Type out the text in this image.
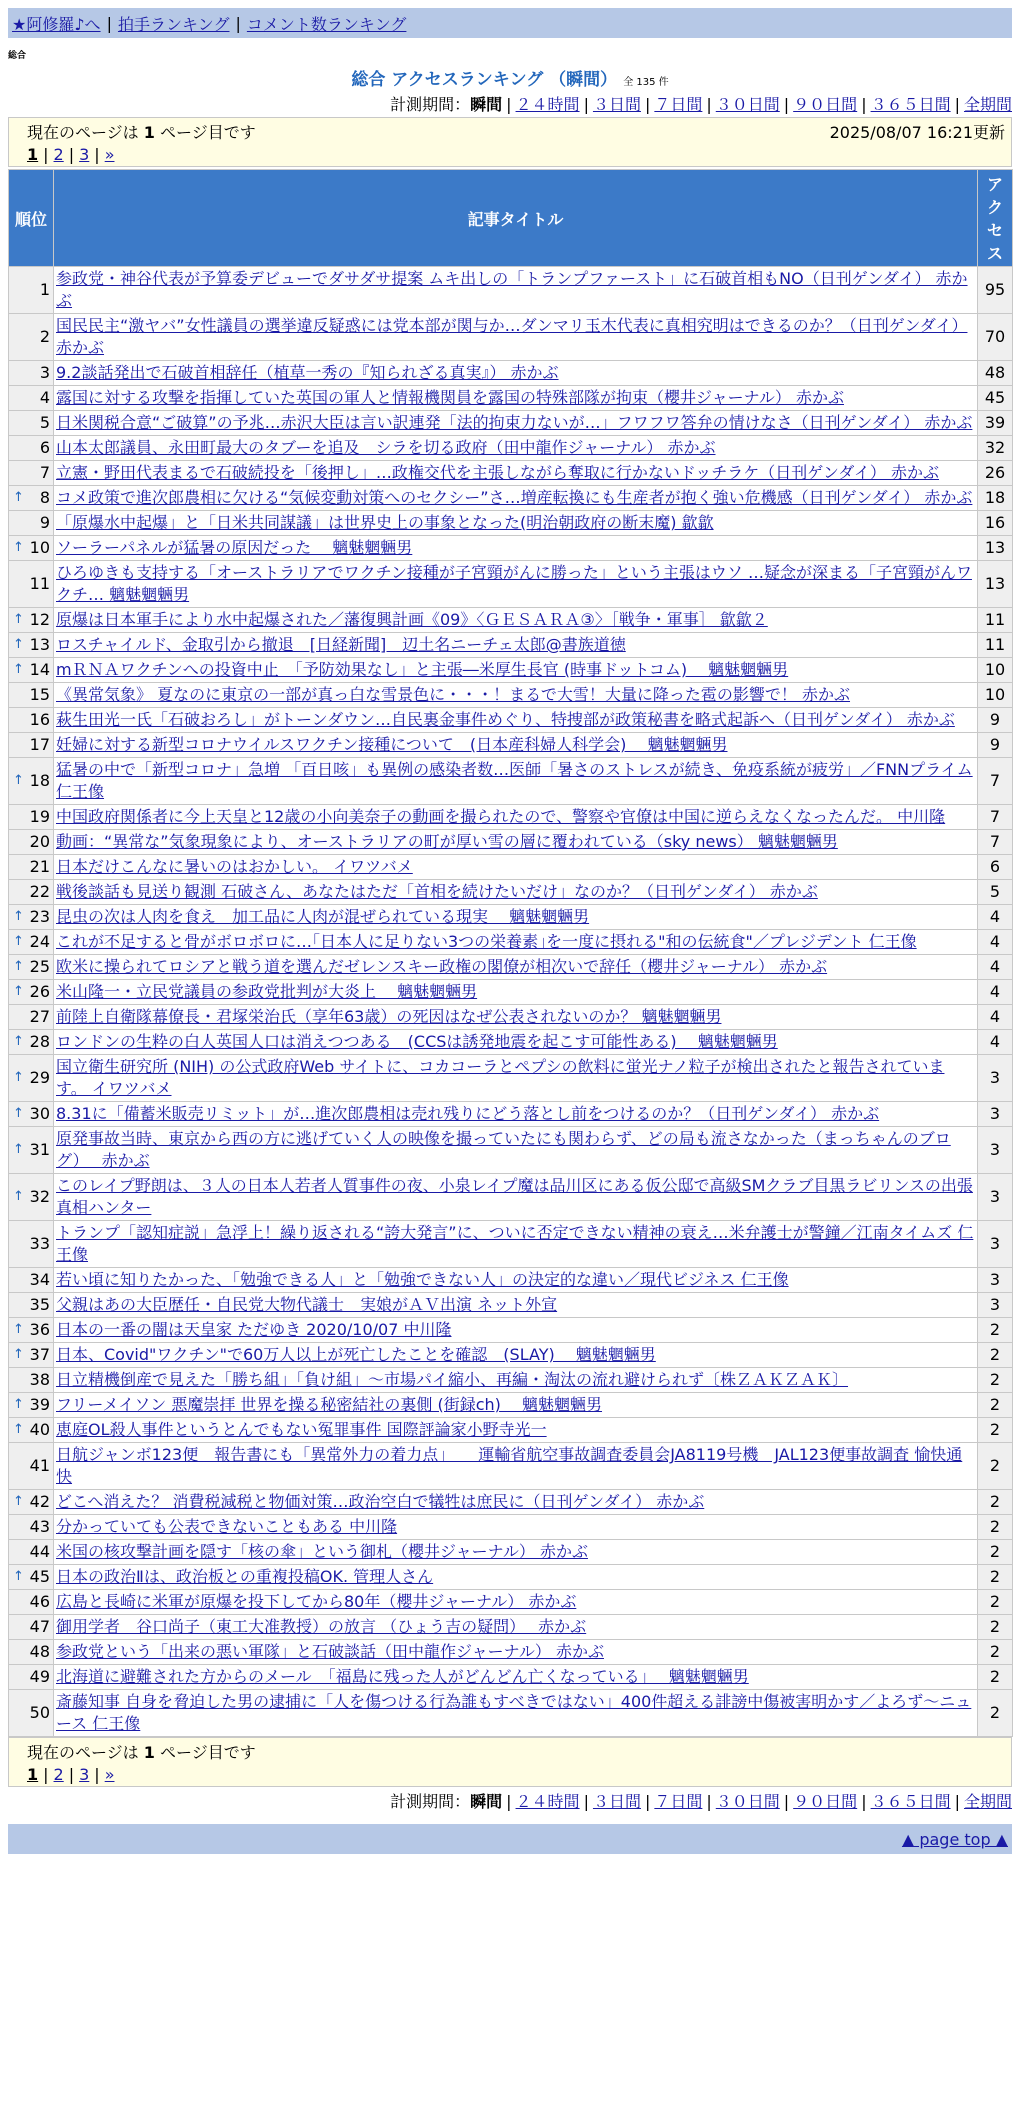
★阿修羅♪へ | 拍手ランキング | コメント数ランキング
総合
総合 アクセスランキング （瞬間） 全 135 件
計測期間：瞬間 | ２４時間 | ３日間 | ７日間 | ３０日間 | ９０日間 | ３６５日間 | 全期間
現在のページは 1 ページ目です	2025/08/07 16:21更新
1 | 2 | 3 | »
順位	記事タイトル	アクセス
1	参政党・神谷代表が予算委デビューでダサダサ提案 ムキ出しの「トランプファースト」に石破首相もNO（日刊ゲンダイ） 赤かぶ	95
2	国民民主“激ヤバ”女性議員の選挙違反疑惑には党本部が関与か…ダンマリ玉木代表に真相究明はできるのか？（日刊ゲンダイ） 赤かぶ	70
3	9.2談話発出で石破首相辞任（植草一秀の『知られざる真実』） 赤かぶ	48
4	露国に対する攻撃を指揮していた英国の軍人と情報機関員を露国の特殊部隊が拘束（櫻井ジャーナル） 赤かぶ	45
5	日米関税合意“ご破算”の予兆…赤沢大臣は言い訳連発「法的拘束力ないが…」フワフワ答弁の情けなさ（日刊ゲンダイ） 赤かぶ	39
6	山本太郎議員、永田町最大のタブーを追及　シラを切る政府（田中龍作ジャーナル） 赤かぶ	32
7	立憲・野田代表まるで石破続投を「後押し」…政権交代を主張しながら奪取に行かないドッチラケ（日刊ゲンダイ） 赤かぶ	26

↑ 8	コメ政策で進次郎農相に欠ける“気候変動対策へのセクシー”さ…増産転換にも生産者が抱く強い危機感（日刊ゲンダイ） 赤かぶ	18
9	「原爆水中起爆」と「日米共同謀議」は世界史上の事象となった(明治朝政府の断末魔) 歙歙	16

↑ 10	ソーラーパネルが猛暑の原因だった　 魑魅魍魎男	13
11	ひろゆきも支持する「オーストラリアでワクチン接種が子宮頸がんに勝った」という主張はウソ …疑念が深まる「子宮頸がんワクチ… 魑魅魍魎男	13

↑ 12	原爆は日本軍手により水中起爆された／藩復興計画《09》〈ＧＥＳＡＲＡ③〉［戦争・軍事］ 歙歙２	11

↑ 13	ロスチャイルド、金取引から撤退　[日経新聞]　辺土名ニーチェ太郎@書族道徳	11

↑ 14	mＲＮＡワクチンへの投資中止　「予防効果なし」と主張―米厚生長官 (時事ドットコム)　 魑魅魍魎男	10
15	《異常気象》 夏なのに東京の一部が真っ白な雪景色に・・・！まるで大雪！大量に降った雹の影響で！ 赤かぶ	10
16	萩生田光一氏「石破おろし」がトーンダウン…自民裏金事件めぐり、特捜部が政策秘書を略式起訴へ（日刊ゲンダイ） 赤かぶ	9
17	妊婦に対する新型コロナウイルスワクチン接種について　(日本産科婦人科学会)　 魑魅魍魎男	9

↑ 18	猛暑の中で「新型コロナ」急増 「百日咳」も異例の感染者数…医師「暑さのストレスが続き、免疫系統が疲労」／FNNプライム 仁王像	7
19	中国政府関係者に今上天皇と12歳の小向美奈子の動画を撮られたので、警察や官僚は中国に逆らえなくなったんだ。 中川隆	7
20	動画：“異常な”気象現象により、オーストラリアの町が厚い雪の層に覆われている（sky news） 魑魅魍魎男	7
21	日本だけこんなに暑いのはおかしい。 イワツバメ	6
22	戦後談話も見送り観測 石破さん、あなたはただ「首相を続けたいだけ」なのか？（日刊ゲンダイ） 赤かぶ	5

↑ 23	昆虫の次は人肉を食え　加工品に人肉が混ぜられている現実　 魑魅魍魎男	4

↑ 24	これが不足すると骨がボロボロに…｢日本人に足りない3つの栄養素｣を一度に摂れる"和の伝統食"／プレジデント 仁王像	4

↑ 25	欧米に操られてロシアと戦う道を選んだゼレンスキー政権の閣僚が相次いで辞任（櫻井ジャーナル） 赤かぶ	4

↑ 26	米山隆一・立民党議員の参政党批判が大炎上　 魑魅魍魎男	4
27	前陸上自衛隊幕僚長・君塚栄治氏（享年63歳）の死因はなぜ公表されないのか？ 魑魅魍魎男	4

↑ 28	ロンドンの生粋の白人英国人口は消えつつある　(CCSは誘発地震を起こす可能性ある)　 魑魅魍魎男	4

↑ 29	国立衛生研究所 (NIH) の公式政府Web サイトに、コカコーラとペプシの飲料に蛍光ナノ粒子が検出されたと報告されています。 イワツバメ	3

↑ 30	8.31に「備蓄米販売リミット」が…進次郎農相は売れ残りにどう落とし前をつけるのか？（日刊ゲンダイ） 赤かぶ	3

↑ 31	原発事故当時、東京から西の方に逃げていく人の映像を撮っていたにも関わらず、どの局も流さなかった（まっちゃんのブログ）　 赤かぶ	3

↑ 32	このレイプ野朗は、３人の日本人若者人質事件の夜、小泉レイプ魔は品川区にある仮公邸で高級SMクラブ目黒ラビリンスの出張 真相ハンター	3
33	トランプ「認知症説」急浮上！繰り返される“誇大発言”に、ついに否定できない精神の衰え…米弁護士が警鐘／江南タイムズ 仁王像	3
34	若い頃に知りたかった、「勉強できる人」と「勉強できない人」の決定的な違い／現代ビジネス 仁王像	3
35	父親はあの大臣歴任・自民党大物代議士　実娘がＡＶ出演 ネット外宣	3

↑ 36	日本の一番の闇は天皇家 ただゆき 2020/10/07 中川隆	2

↑ 37	日本、Covid"ワクチン"で60万人以上が死亡したことを確認　(SLAY)　 魑魅魍魎男	2
38	日立精機倒産で見えた「勝ち組」「負け組」～市場パイ縮小、再編・淘汰の流れ避けられず〔株ＺＡＫＺＡＫ〕	2

↑ 39	フリーメイソン 悪魔崇拝 世界を操る秘密結社の裏側 (街録ch)　 魑魅魍魎男	2

↑ 40	恵庭OL殺人事件というとんでもない冤罪事件 国際評論家小野寺光一	2
41	日航ジャンボ123便　報告書にも「異常外力の着力点」　　運輸省航空事故調査委員会JA8119号機　JAL123便事故調査 愉快通快	2

↑ 42	どこへ消えた？ 消費税減税と物価対策…政治空白で犠牲は庶民に（日刊ゲンダイ） 赤かぶ	2
43	分かっていても公表できないこともある 中川隆	2
44	米国の核攻撃計画を隠す「核の傘」という御札（櫻井ジャーナル） 赤かぶ	2

↑ 45	日本の政治Ⅱは、政治板との重複投稿OK. 管理人さん	2
46	広島と長崎に米軍が原爆を投下してから80年（櫻井ジャーナル） 赤かぶ	2
47	御用学者　谷口尚子（東工大准教授）の放言 （ひょう吉の疑問）　 赤かぶ	2
48	参政党という「出来の悪い軍隊」と石破談話（田中龍作ジャーナル） 赤かぶ	2
49	北海道に避難された方からのメール　「福島に残った人がどんどん亡くなっている」　 魑魅魍魎男	2
50	斎藤知事 自身を脅迫した男の逮捕に「人を傷つける行為誰もすべきではない」400件超える誹謗中傷被害明かす／よろず～ニュース 仁王像	2
現在のページは 1 ページ目です
1 | 2 | 3 | »
計測期間：瞬間 | ２４時間 | ３日間 | ７日間 | ３０日間 | ９０日間 | ３６５日間 | 全期間
▲ page top ▲
